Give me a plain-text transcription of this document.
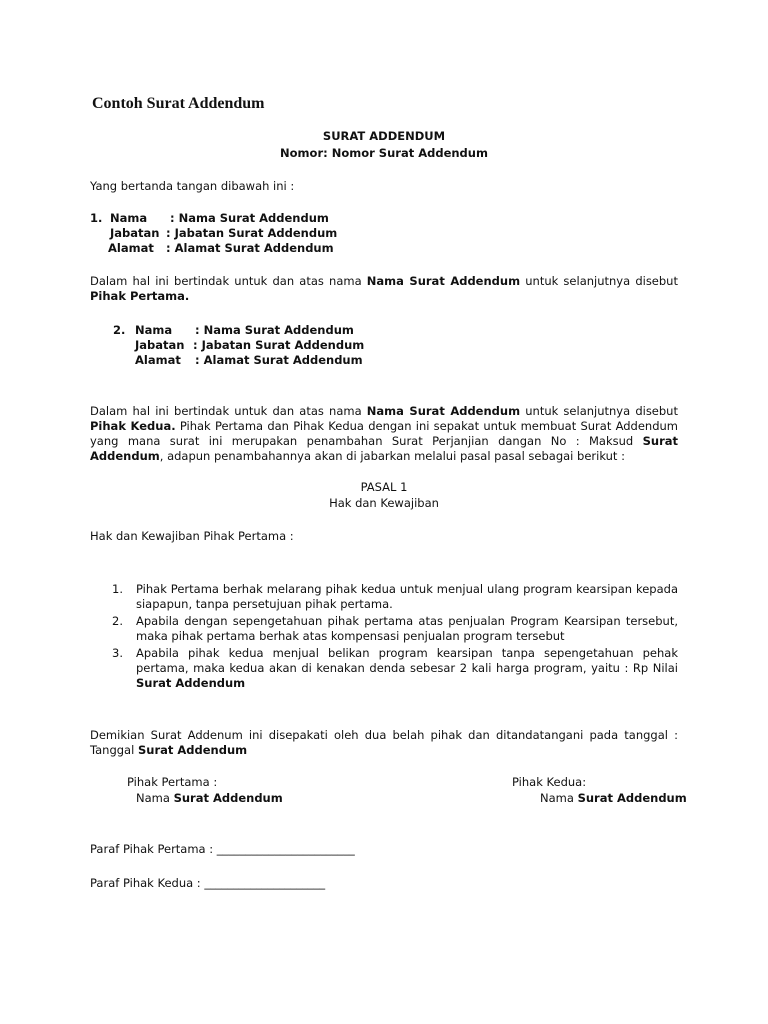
Contoh Surat Addendum
SURAT ADDENDUM
Nomor: Nomor Surat Addendum
Yang bertanda tangan dibawah ini :
1. Nama : Nama Surat Addendum
Jabatan : Jabatan Surat Addendum
Alamat : Alamat Surat Addendum
Dalam hal ini bertindak untuk dan atas nama Nama Surat Addendum untuk selanjutnya disebut Pihak Pertama.
2. Nama : Nama Surat Addendum
Jabatan : Jabatan Surat Addendum
Alamat : Alamat Surat Addendum
Dalam hal ini bertindak untuk dan atas nama Nama Surat Addendum untuk selanjutnya disebut Pihak Kedua. Pihak Pertama dan Pihak Kedua dengan ini sepakat untuk membuat Surat Addendum yang mana surat ini merupakan penambahan Surat Perjanjian dangan No : Maksud Surat Addendum, adapun penambahannya akan di jabarkan melalui pasal pasal sebagai berikut :
PASAL 1
Hak dan Kewajiban
Hak dan Kewajiban Pihak Pertama :
1. Pihak Pertama berhak melarang pihak kedua untuk menjual ulang program kearsipan kepada siapapun, tanpa persetujuan pihak pertama.
2. Apabila dengan sepengetahuan pihak pertama atas penjualan Program Kearsipan tersebut, maka pihak pertama berhak atas kompensasi penjualan program tersebut
3. Apabila pihak kedua menjual belikan program kearsipan tanpa sepengetahuan pehak pertama, maka kedua akan di kenakan denda sebesar 2 kali harga program, yaitu : Rp Nilai Surat Addendum
Demikian Surat Addenum ini disepakati oleh dua belah pihak dan ditandatangani pada tanggal : Tanggal Surat Addendum
Pihak Pertama :
Nama Surat Addendum
Pihak Kedua:
Nama Surat Addendum
Paraf Pihak Pertama : ________________________
Paraf Pihak Kedua : _____________________
